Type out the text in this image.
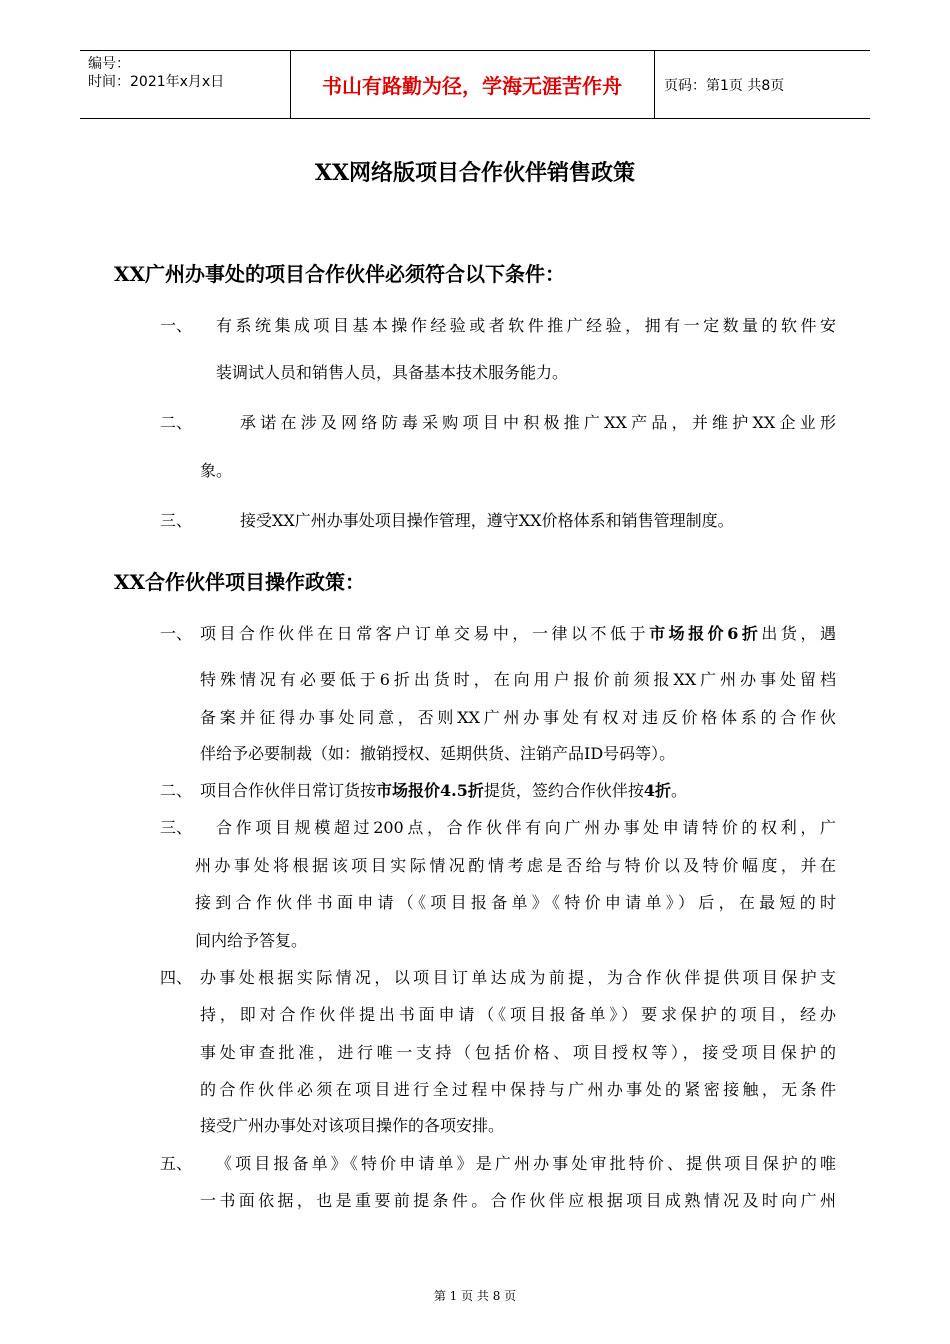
编号：
时间：2021年x月x日	书山有路勤为径，学海无涯苦作舟	页码：第1页 共8页
XX网络版项目合作伙伴销售政策
XX广州办事处的项目合作伙伴必须符合以下条件：
一、 有系统集成项目基本操作经验或者软件推广经验，拥有一定数量的软件安
装调试人员和销售人员，具备基本技术服务能力。
二、	承诺在涉及网络防毒采购项目中积极推广XX产品，并维护XX企业形
象。
三、	接受XX广州办事处项目操作管理，遵守XX价格体系和销售管理制度。
XX合作伙伴项目操作政策：
一、 项目合作伙伴在日常客户订单交易中，一律以不低于市场报价6折出货，遇
特殊情况有必要低于6折出货时，在向用户报价前须报XX广州办事处留档
备案并征得办事处同意，否则XX广州办事处有权对违反价格体系的合作伙
伴给予必要制裁（如：撤销授权、延期供货、注销产品ID号码等）。
二、 项目合作伙伴日常订货按市场报价4.5折提货，签约合作伙伴按4折。
三、 合作项目规模超过200点，合作伙伴有向广州办事处申请特价的权利，广
州办事处将根据该项目实际情况酌情考虑是否给与特价以及特价幅度，并在
接到合作伙伴书面申请（《项目报备单》《特价申请单》）后，在最短的时
间内给予答复。
四、 办事处根据实际情况，以项目订单达成为前提，为合作伙伴提供项目保护支
持，即对合作伙伴提出书面申请（《项目报备单》）要求保护的项目，经办
事处审查批准，进行唯一支持（包括价格、项目授权等），接受项目保护的
的合作伙伴必须在项目进行全过程中保持与广州办事处的紧密接触，无条件
接受广州办事处对该项目操作的各项安排。
五、 《项目报备单》《特价申请单》是广州办事处审批特价、提供项目保护的唯
一书面依据，也是重要前提条件。合作伙伴应根据项目成熟情况及时向广州
第 1 页 共 8 页
